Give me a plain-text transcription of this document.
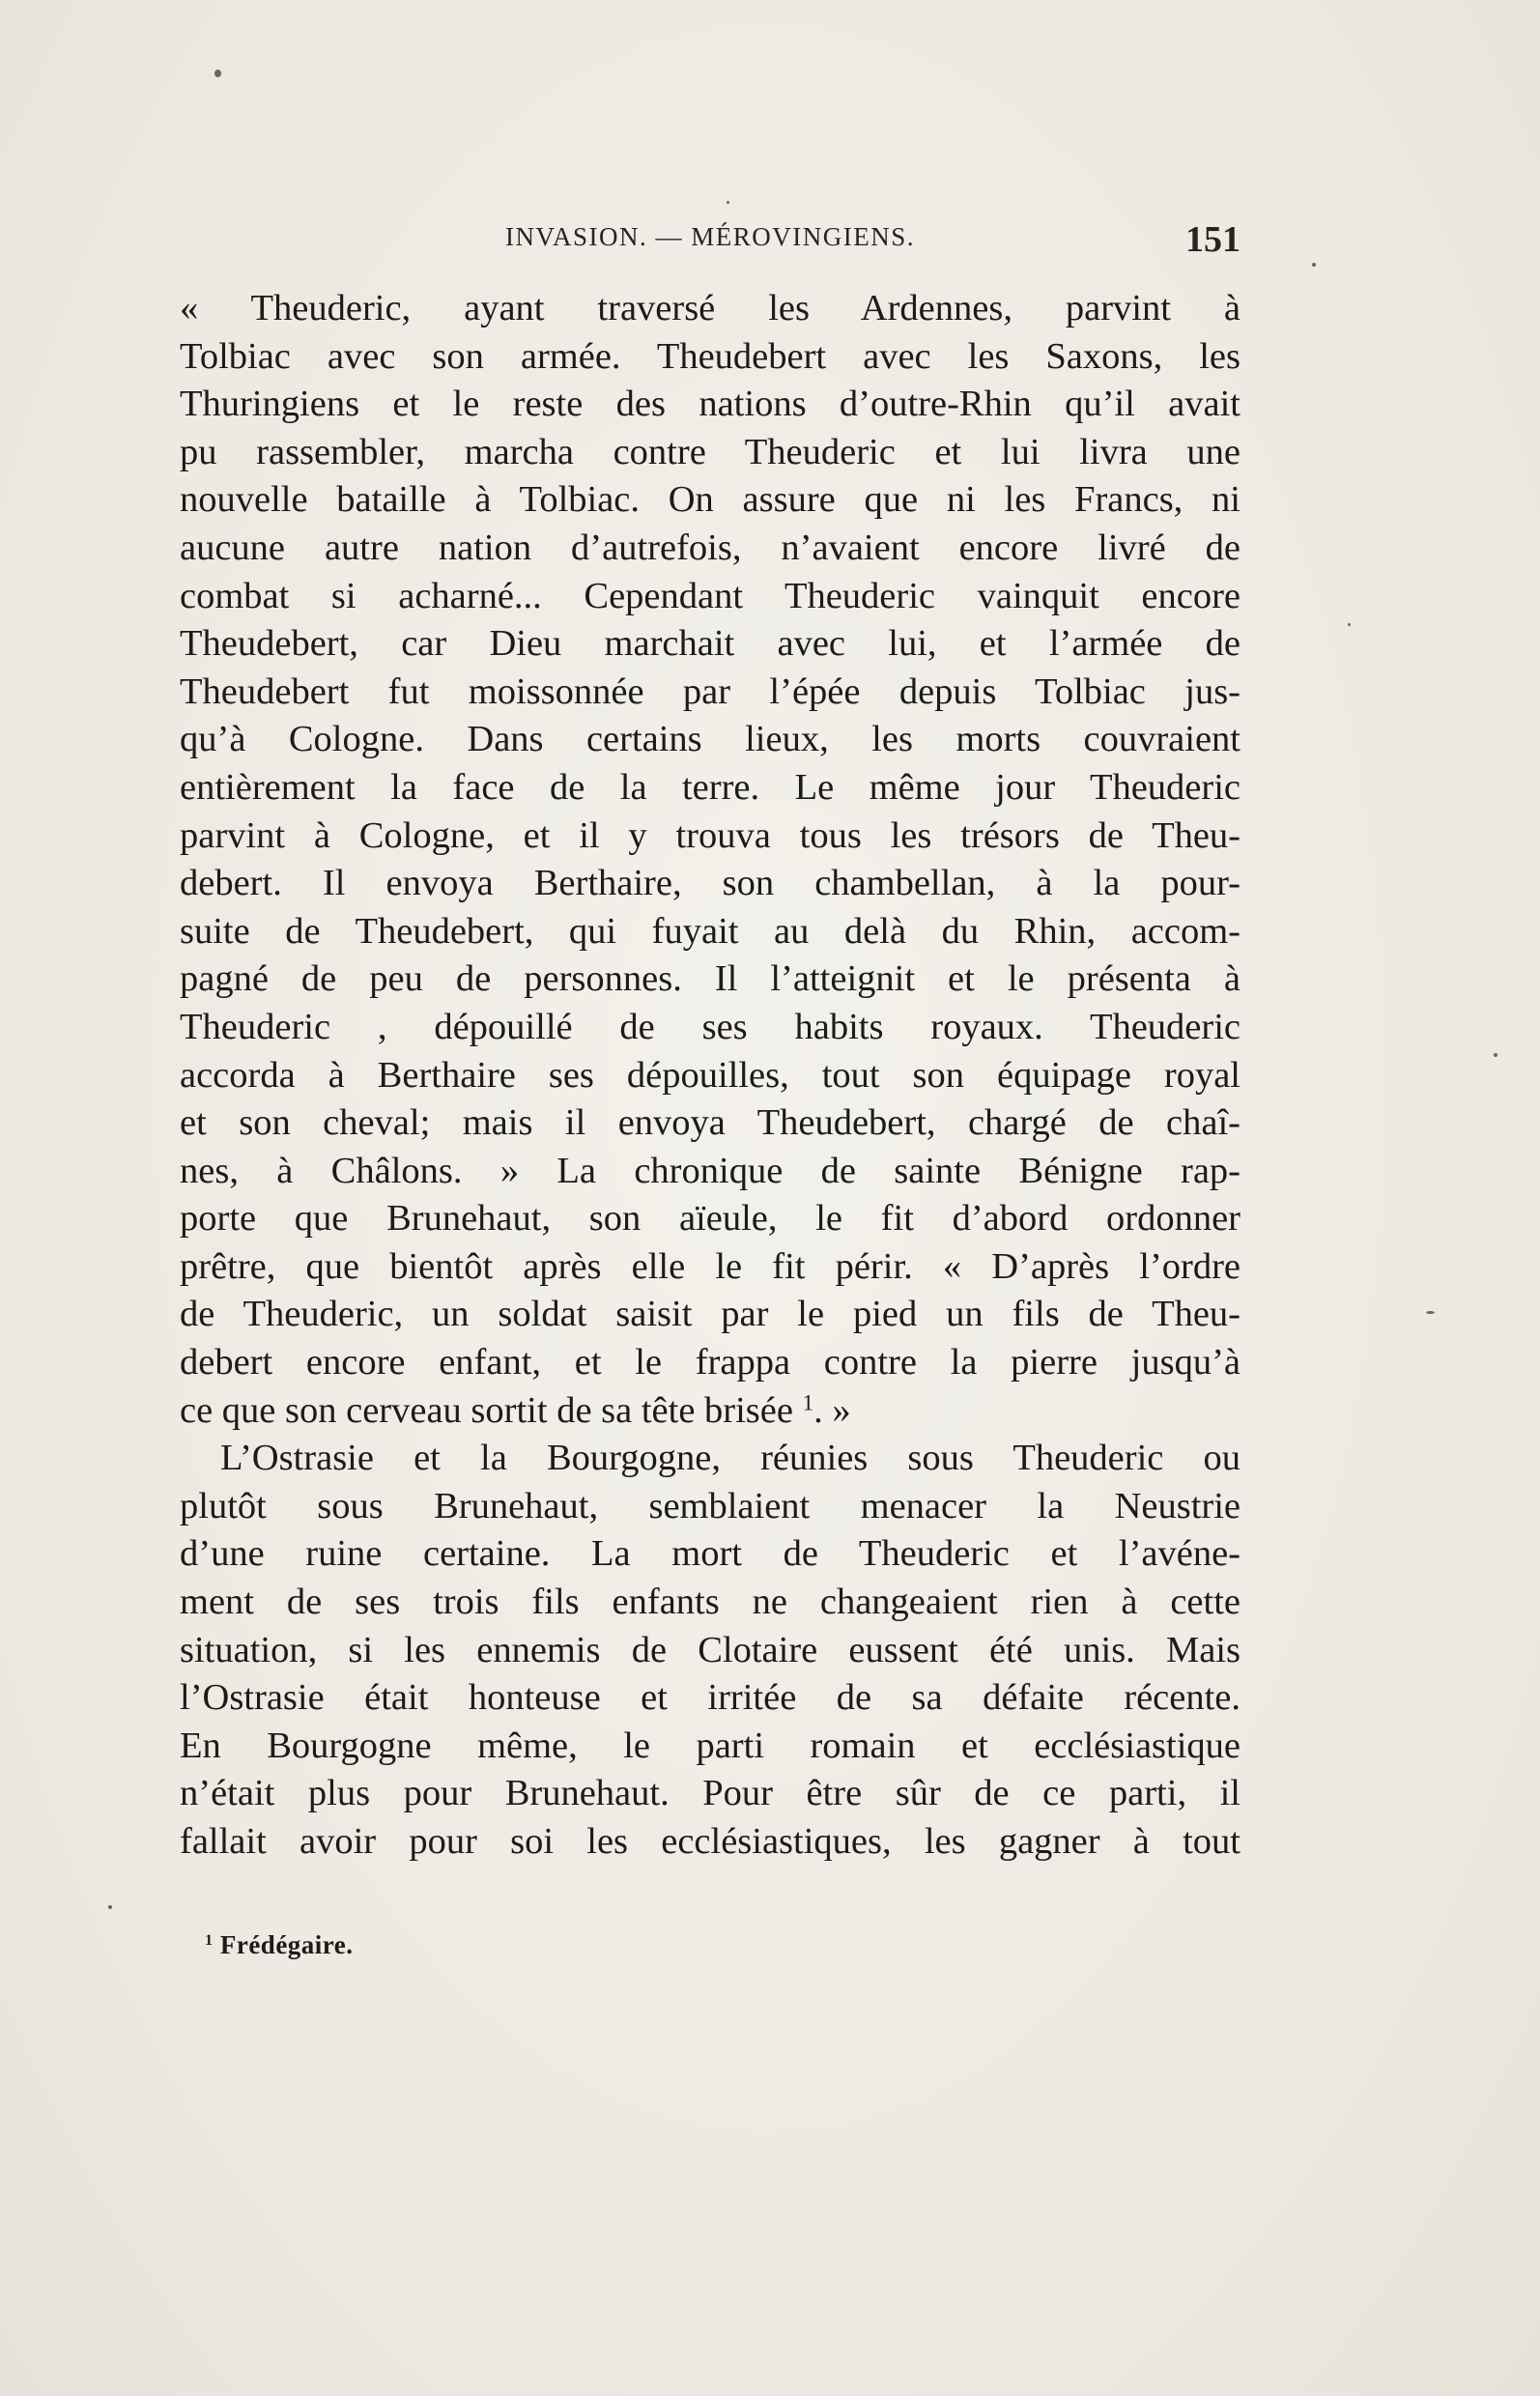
INVASION. — MÉROVINGIENS.	151
« Theuderic, ayant traversé les Ardennes, parvint à
Tolbiac avec son armée. Theudebert avec les Saxons, les
Thuringiens et le reste des nations d’outre-Rhin qu’il avait
pu rassembler, marcha contre Theuderic et lui livra une
nouvelle bataille à Tolbiac. On assure que ni les Francs, ni
aucune autre nation d’autrefois, n’avaient encore livré de
combat si acharné... Cependant Theuderic vainquit encore
Theudebert, car Dieu marchait avec lui, et l’armée de
Theudebert fut moissonnée par l’épée depuis Tolbiac jus-
qu’à Cologne. Dans certains lieux, les morts couvraient
entièrement la face de la terre. Le même jour Theuderic
parvint à Cologne, et il y trouva tous les trésors de Theu-
debert. Il envoya Berthaire, son chambellan, à la pour-
suite de Theudebert, qui fuyait au delà du Rhin, accom-
pagné de peu de personnes. Il l’atteignit et le présenta à
Theuderic , dépouillé de ses habits royaux. Theuderic
accorda à Berthaire ses dépouilles, tout son équipage royal
et son cheval; mais il envoya Theudebert, chargé de chaî-
nes, à Châlons. » La chronique de sainte Bénigne rap-
porte que Brunehaut, son aïeule, le fit d’abord ordonner
prêtre, que bientôt après elle le fit périr. « D’après l’ordre
de Theuderic, un soldat saisit par le pied un fils de Theu-
debert encore enfant, et le frappa contre la pierre jusqu’à
ce que son cerveau sortit de sa tête brisée $^1$. »
L’Ostrasie et la Bourgogne, réunies sous Theuderic ou
plutôt sous Brunehaut, semblaient menacer la Neustrie
d’une ruine certaine. La mort de Theuderic et l’avéne-
ment de ses trois fils enfants ne changeaient rien à cette
situation, si les ennemis de Clotaire eussent été unis. Mais
l’Ostrasie était honteuse et irritée de sa défaite récente.
En Bourgogne même, le parti romain et ecclésiastique
n’était plus pour Brunehaut. Pour être sûr de ce parti, il
fallait avoir pour soi les ecclésiastiques, les gagner à tout
$^1$ Frédégaire.
